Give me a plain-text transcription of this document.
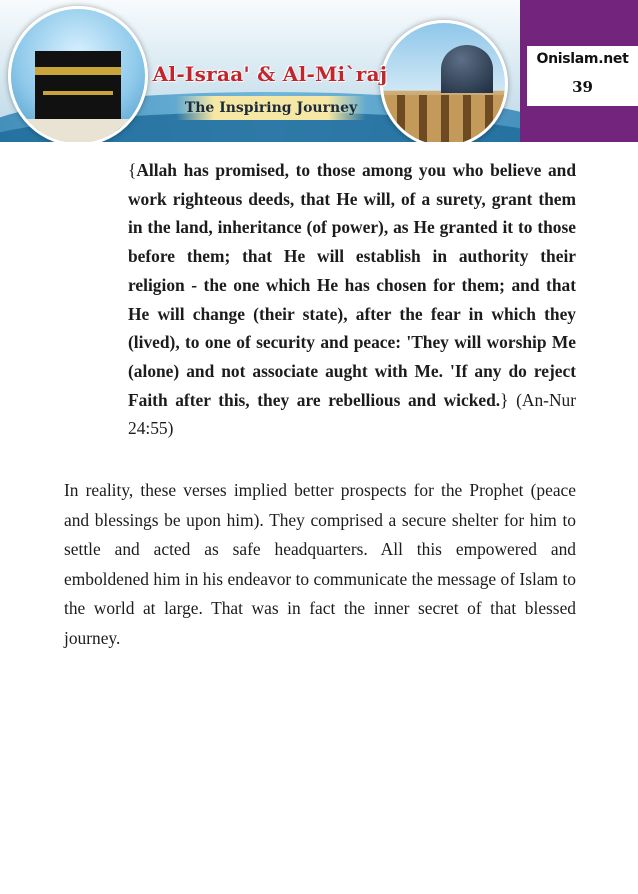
Al-Israa' & Al-Mi`raj
The Inspiring Journey
Onislam.net
39
{Allah has promised, to those among you who believe and work righteous deeds, that He will, of a surety, grant them in the land, inheritance (of power), as He granted it to those before them; that He will establish in authority their religion - the one which He has chosen for them; and that He will change (their state), after the fear in which they (lived), to one of security and peace: 'They will worship Me (alone) and not associate aught with Me. 'If any do reject Faith after this, they are rebellious and wicked.} (An-Nur 24:55)
In reality, these verses implied better prospects for the Prophet (peace and blessings be upon him). They comprised a secure shelter for him to settle and acted as safe headquarters. All this empowered and emboldened him in his endeavor to communicate the message of Islam to the world at large. That was in fact the inner secret of that blessed journey.
